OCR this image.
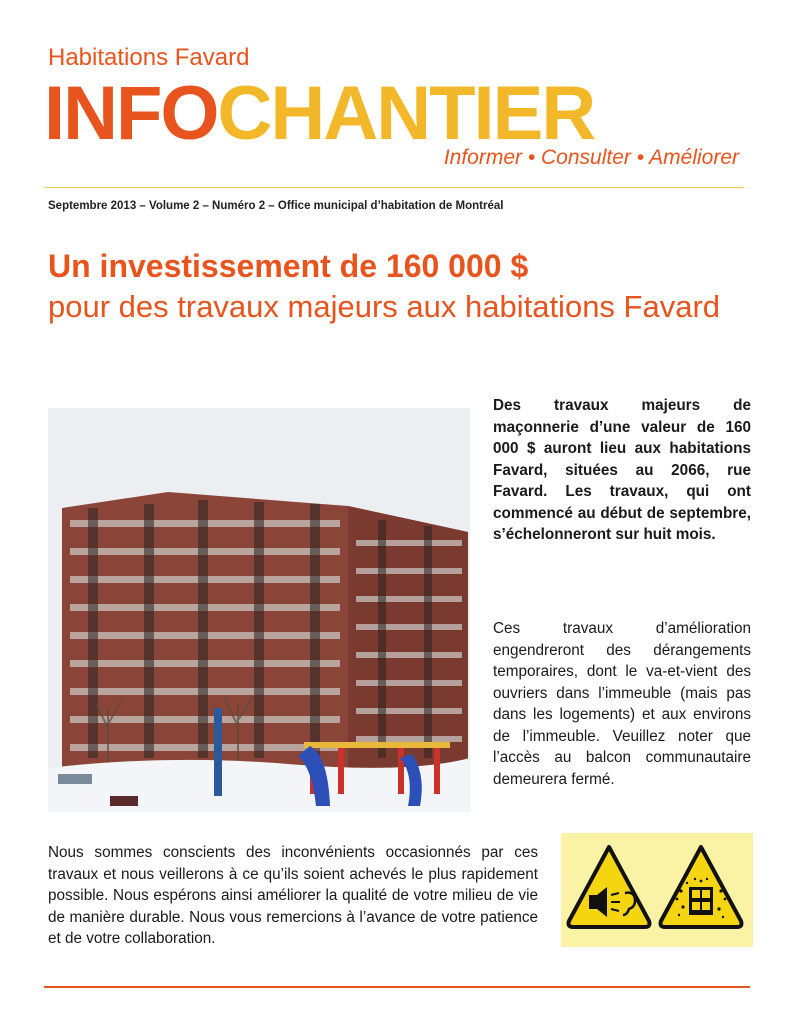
Habitations Favard
INFOCHANTIER
Informer • Consulter • Améliorer
Septembre 2013 – Volume 2 – Numéro 2 – Office municipal d’habitation de Montréal
Un investissement de 160 000 $
pour des travaux majeurs aux habitations Favard
Des travaux majeurs de maçonnerie d’une valeur de 160 000 $ auront lieu aux habitations Favard, situées au 2066, rue Favard. Les travaux, qui ont commencé au début de septembre, s’échelonneront sur huit mois.
Ces travaux d’amélioration engendreront des dérangements temporaires, dont le va-et-vient des ouvriers dans l’immeuble (mais pas dans les logements) et aux environs de l’immeuble. Veuillez noter que l’accès au balcon communautaire demeurera fermé.
Nous sommes conscients des inconvénients occasionnés par ces travaux et nous veillerons à ce qu’ils soient achevés le plus rapidement possible. Nous espérons ainsi améliorer la qualité de votre milieu de vie de manière durable. Nous vous remercions à l’avance de votre patience et de votre collaboration.
